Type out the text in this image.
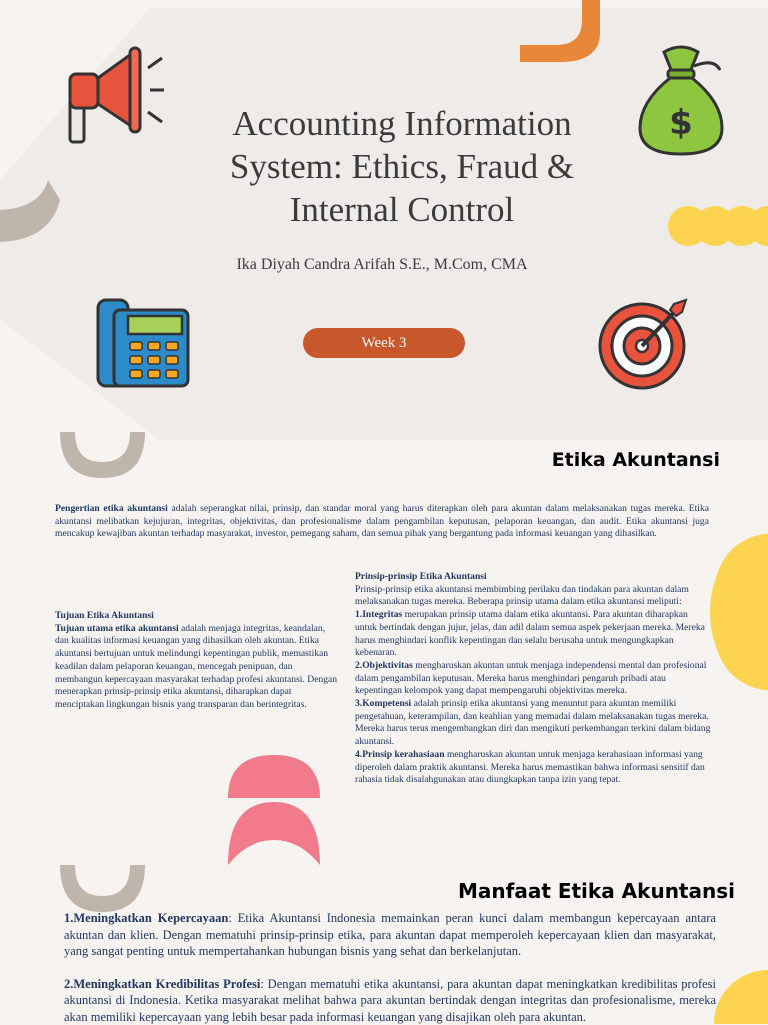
$
Accounting Information System: Ethics, Fraud & Internal Control
Ika Diyah Candra Arifah S.E., M.Com, CMA
Week 3
Etika Akuntansi
Pengertian etika akuntansi adalah seperangkat nilai, prinsip, dan standar moral yang harus diterapkan oleh para akuntan dalam melaksanakan tugas mereka. Etika akuntansi melibatkan kejujuran, integritas, objektivitas, dan profesionalisme dalam pengambilan keputusan, pelaporan keuangan, dan audit. Etika akuntansi juga mencakup kewajiban akuntan terhadap masyarakat, investor, pemegang saham, dan semua pihak yang bergantung pada informasi keuangan yang dihasilkan.

Tujuan Etika Akuntansi

Tujuan utama etika akuntansi adalah menjaga integritas, keandalan, dan kualitas informasi keuangan yang dihasilkan oleh akuntan. Etika akuntansi bertujuan untuk melindungi kepentingan publik, memastikan keadilan dalam pelaporan keuangan, mencegah penipuan, dan membangun kepercayaan masyarakat terhadap profesi akuntansi. Dengan menerapkan prinsip-prinsip etika akuntansi, diharapkan dapat menciptakan lingkungan bisnis yang transparan dan berintegritas.

Prinsip-prinsip Etika Akuntansi

Prinsip-prinsip etika akuntansi membimbing perilaku dan tindakan para akuntan dalam melaksanakan tugas mereka. Beberapa prinsip utama dalam etika akuntansi meliputi:

1.Integritas merupakan prinsip utama dalam etika akuntansi. Para akuntan diharapkan untuk bertindak dengan jujur, jelas, dan adil dalam semua aspek pekerjaan mereka. Mereka harus menghindari konflik kepentingan dan selalu berusaha untuk mengungkapkan kebenaran.

2.Objektivitas mengharuskan akuntan untuk menjaga independensi mental dan profesional dalam pengambilan keputusan. Mereka harus menghindari pengaruh pribadi atau kepentingan kelompok yang dapat mempengaruhi objektivitas mereka.

3.Kompetensi adalah prinsip etika akuntansi yang menuntut para akuntan memiliki pengetahuan, keterampilan, dan keahlian yang memadai dalam melaksanakan tugas mereka. Mereka harus terus mengembangkan diri dan mengikuti perkembangan terkini dalam bidang akuntansi.

4.Prinsip kerahasiaan mengharuskan akuntan untuk menjaga kerahasiaan informasi yang diperoleh dalam praktik akuntansi. Mereka harus memastikan bahwa informasi sensitif dan rahasia tidak disalahgunakan atau diungkapkan tanpa izin yang tepat.

Manfaat Etika Akuntansi

1.Meningkatkan Kepercayaan: Etika Akuntansi Indonesia memainkan peran kunci dalam membangun kepercayaan antara akuntan dan klien. Dengan mematuhi prinsip-prinsip etika, para akuntan dapat memperoleh kepercayaan klien dan masyarakat, yang sangat penting untuk mempertahankan hubungan bisnis yang sehat dan berkelanjutan.

2.Meningkatkan Kredibilitas Profesi: Dengan mematuhi etika akuntansi, para akuntan dapat meningkatkan kredibilitas profesi akuntansi di Indonesia. Ketika masyarakat melihat bahwa para akuntan bertindak dengan integritas dan profesionalisme, mereka akan memiliki kepercayaan yang lebih besar pada informasi keuangan yang disajikan oleh para akuntan.
